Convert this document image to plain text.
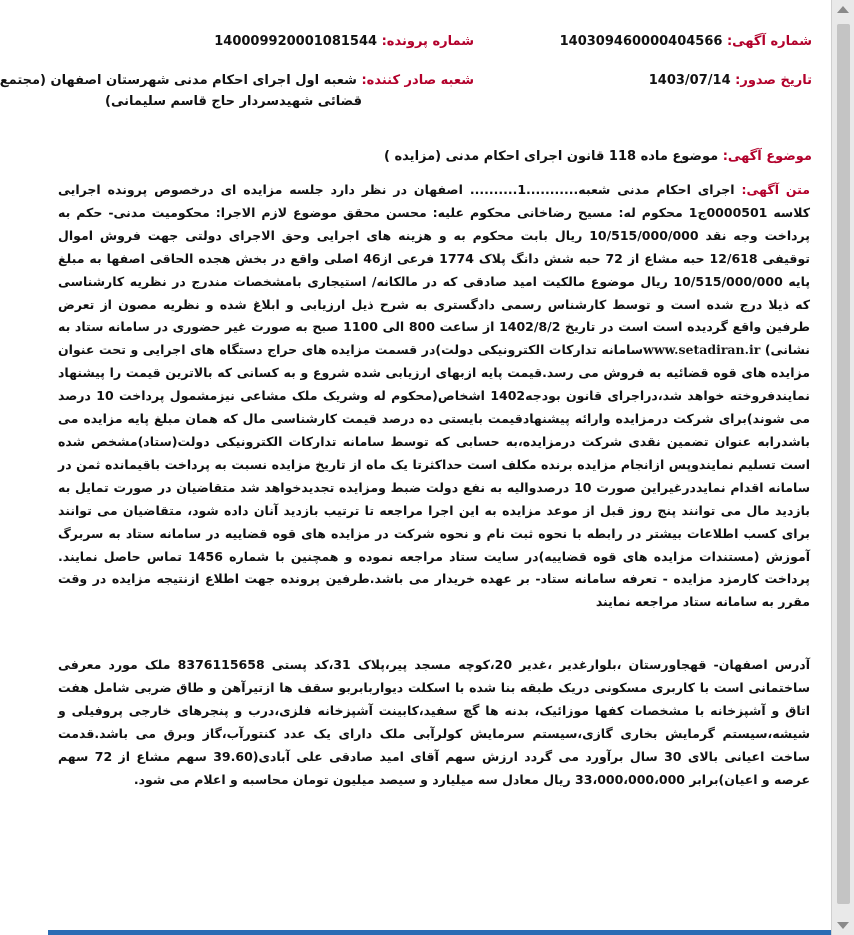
شماره آگهی: 140309460000404566
شماره پرونده: 140009920001081544
تاریخ صدور: 1403/07/14
شعبه صادر کننده: شعبه اول اجرای احکام مدنی شهرستان اصفهان (مجتمع
قضائی شهیدسردار حاج قاسم سلیمانی)
موضوع آگهی: موضوع ماده 118 قانون اجرای احکام مدنی (مزایده )
متن آگهی: اجرای احکام مدنی شعبه...........1.......... اصفهان در نظر دارد جلسه مزایده ای درخصوص پرونده اجرایی کلاسه 0000501ج1 محکوم له: مسیح رضاخانی محکوم علیه: محسن محقق موضوع لازم الاجرا: محکومیت مدنی- حکم به پرداخت وجه نقد 10/515/000/000 ریال بابت محکوم به و هزینه های اجرایی وحق الاجرای دولتی جهت فروش اموال توقیفی 12/618 حبه مشاع از 72 حبه شش دانگ پلاک 1774 فرعی از46 اصلی واقع در بخش هجده الحاقی اصفها به مبلغ پایه 10/515/000/000 ریال موضوع مالکیت امید صادقی که در مالکانه/ استیجاری بامشخصات مندرج در نظریه کارشناسی که ذیلا درج شده است و توسط کارشناس رسمی دادگستری به شرح ذیل ارزیابی و ابلاغ شده و نظریه مصون از تعرض طرفین واقع گردیده است است در تاریخ 1402/8/2 از ساعت 800 الی 1100 صبح به صورت غیر حضوری در سامانه ستاد به نشانی) www.setadiran.irسامانه تدارکات الکترونیکی دولت)در قسمت مزایده های حراج دستگاه های اجرایی و تحت عنوان مزایده های قوه قضائیه به فروش می رسد.قیمت پایه ازبهای ارزیابی شده شروع و به کسانی که بالاترین قیمت را پیشنهاد نمایندفروخته خواهد شد،دراجرای قانون بودجه1402 اشخاص(محکوم له وشریک ملک مشاعی نیزمشمول پرداخت 10 درصد می شوند)برای شرکت درمزایده وارائه پیشنهادقیمت بایستی ده درصد قیمت کارشناسی مال که همان مبلغ پایه مزایده می باشدرابه عنوان تضمین نقدی شرکت درمزایده،به حسابی که توسط سامانه تدارکات الکترونیکی دولت(ستاد)مشخص شده است تسلیم نمایندوپس ازانجام مزایده برنده مکلف است حداکثرتا یک ماه از تاریخ مزایده نسبت به پرداخت باقیمانده ثمن در سامانه اقدام نمایددرغیراین صورت 10 درصدوالیه به نفع دولت ضبط ومزایده تجدیدخواهد شد متقاضیان در صورت تمایل به بازدید مال می توانند پنج روز قبل از موعد مزایده به این اجرا مراجعه تا ترتیب بازدید آنان داده شود، متقاضیان می توانند برای کسب اطلاعات بیشتر در رابطه با نحوه ثبت نام و نحوه شرکت در مزایده های قوه قضاییه در سامانه ستاد به سربرگ آموزش (مستندات مزایده های قوه قضاییه)در سایت ستاد مراجعه نموده و همچنین با شماره 1456 تماس حاصل نمایند. پرداخت کارمزد مزایده - تعرفه سامانه ستاد- بر عهده خریدار می باشد.طرفین پرونده جهت اطلاع ازنتیجه مزایده در وقت مقرر به سامانه ستاد مراجعه نمایند
آدرس اصفهان- قهجاورستان ،بلوارغدیر ،غدیر 20،کوچه مسجد پیر،پلاک 31،کد پستی 8376115658 ملک مورد معرفی ساختمانی است با کاربری مسکونی دریک طبقه بنا شده با اسکلت دیواربابربو سقف ها ازتیرآهن و طاق ضربی شامل هفت اتاق و آشپزخانه با مشخصات کفها موزائیک، بدنه ها گچ سفید،کابینت آشپزخانه فلزی،درب و پنجرهای خارجی پروفیلی و شیشه،سیستم گرمایش بخاری گازی،سیستم سرمایش کولرآبی ملک دارای یک عدد کنتورآب،گاز وبرق می باشد.قدمت ساخت اعیانی بالای 30 سال برآورد می گردد ارزش سهم آقای امید صادقی علی آبادی(39.60 سهم مشاع از 72 سهم عرصه و اعیان)برابر 33،000،000،000 ریال معادل سه میلیارد و سیصد میلیون تومان محاسبه و اعلام می شود.
